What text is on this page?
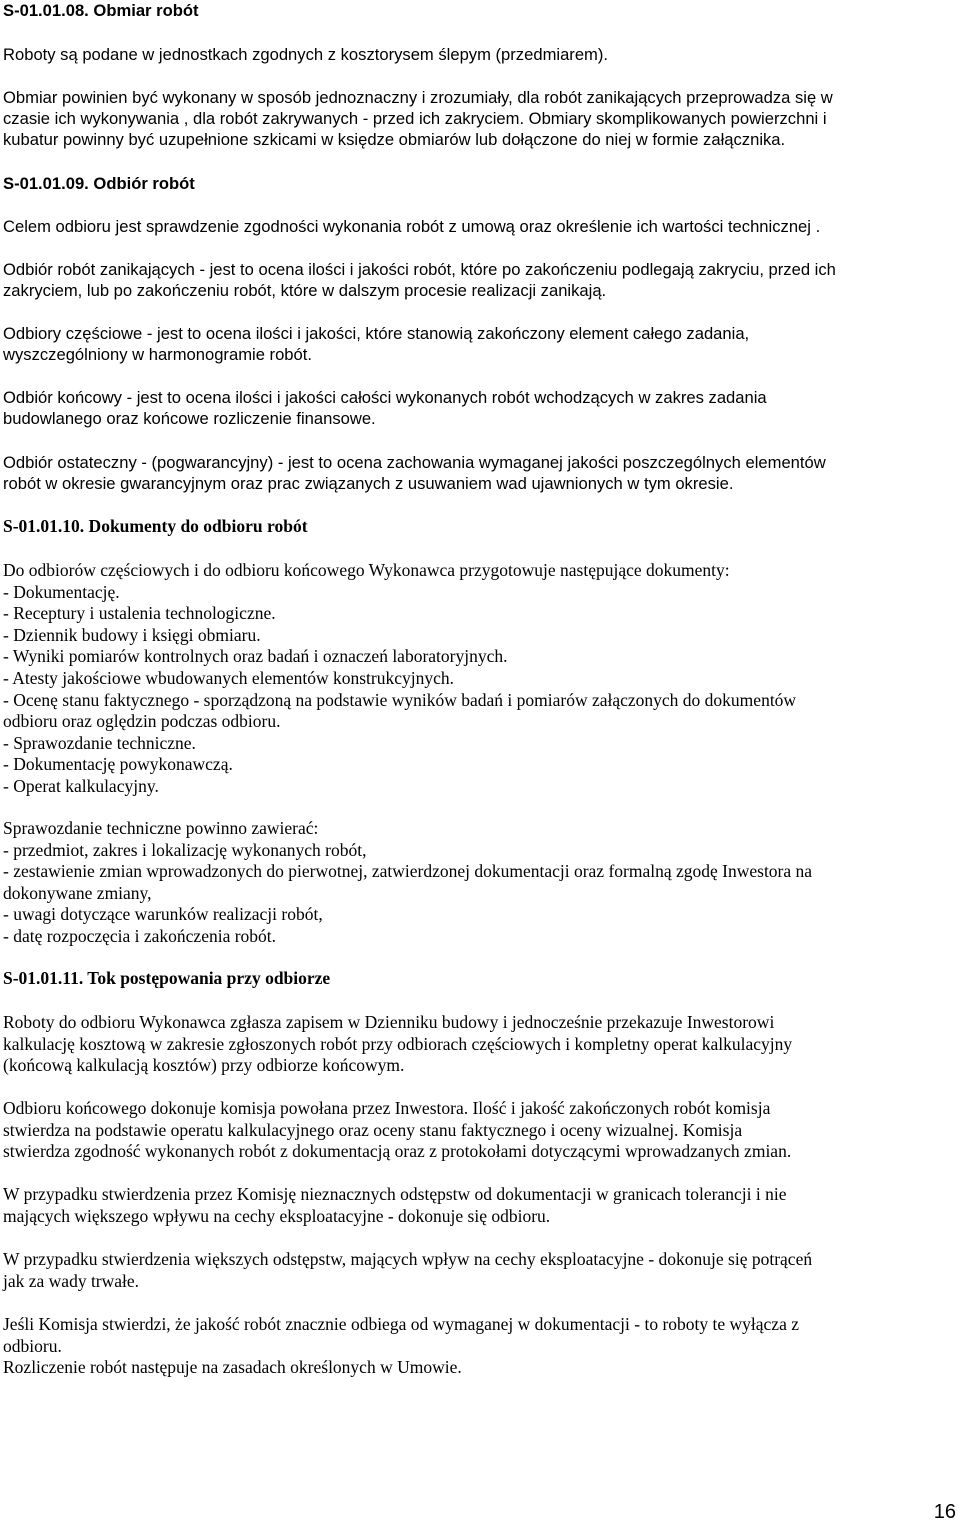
S-01.01.08. Obmiar robót
Roboty są podane w jednostkach zgodnych z kosztorysem ślepym (przedmiarem).
Obmiar powinien być wykonany w sposób jednoznaczny i zrozumiały, dla robót zanikających przeprowadza się w
czasie ich wykonywania , dla robót zakrywanych - przed ich zakryciem. Obmiary skomplikowanych powierzchni i
kubatur powinny być uzupełnione szkicami w księdze obmiarów lub dołączone do niej w formie załącznika.
S-01.01.09. Odbiór robót
Celem odbioru jest sprawdzenie zgodności wykonania robót z umową oraz określenie ich wartości technicznej .
Odbiór robót zanikających - jest to ocena ilości i jakości robót, które po zakończeniu podlegają zakryciu, przed ich
zakryciem, lub po zakończeniu robót, które w dalszym procesie realizacji zanikają.
Odbiory częściowe - jest to ocena ilości i jakości, które stanowią zakończony element całego zadania,
wyszczególniony w harmonogramie robót.
Odbiór końcowy - jest to ocena ilości i jakości całości wykonanych robót wchodzących w zakres zadania
budowlanego oraz końcowe rozliczenie finansowe.
Odbiór ostateczny - (pogwarancyjny) - jest to ocena zachowania wymaganej jakości poszczególnych elementów
robót w okresie gwarancyjnym oraz prac związanych z usuwaniem wad ujawnionych w tym okresie.
S-01.01.10. Dokumenty do odbioru robót
Do odbiorów częściowych i do odbioru końcowego Wykonawca przygotowuje następujące dokumenty:
- Dokumentację.
- Receptury i ustalenia technologiczne.
- Dziennik budowy i księgi obmiaru.
- Wyniki pomiarów kontrolnych oraz badań i oznaczeń laboratoryjnych.
- Atesty jakościowe wbudowanych elementów konstrukcyjnych.
- Ocenę stanu faktycznego - sporządzoną na podstawie wyników badań i pomiarów załączonych do dokumentów
odbioru oraz oględzin podczas odbioru.
- Sprawozdanie techniczne.
- Dokumentację powykonawczą.
- Operat kalkulacyjny.
Sprawozdanie techniczne powinno zawierać:
- przedmiot, zakres i lokalizację wykonanych robót,
- zestawienie zmian wprowadzonych do pierwotnej, zatwierdzonej dokumentacji oraz formalną zgodę Inwestora na
dokonywane zmiany,
- uwagi dotyczące warunków realizacji robót,
- datę rozpoczęcia i zakończenia robót.
S-01.01.11. Tok postępowania przy odbiorze
Roboty do odbioru Wykonawca zgłasza zapisem w Dzienniku budowy i jednocześnie przekazuje Inwestorowi
kalkulację kosztową w zakresie zgłoszonych robót przy odbiorach częściowych i kompletny operat kalkulacyjny
(końcową kalkulacją kosztów) przy odbiorze końcowym.
Odbioru końcowego dokonuje komisja powołana przez Inwestora. Ilość i jakość zakończonych robót komisja
stwierdza na podstawie operatu kalkulacyjnego oraz oceny stanu faktycznego i oceny wizualnej. Komisja
stwierdza zgodność wykonanych robót z dokumentacją oraz z protokołami dotyczącymi wprowadzanych zmian.
W przypadku stwierdzenia przez Komisję nieznacznych odstępstw od dokumentacji w granicach tolerancji i nie
mających większego wpływu na cechy eksploatacyjne - dokonuje się odbioru.
W przypadku stwierdzenia większych odstępstw, mających wpływ na cechy eksploatacyjne - dokonuje się potrąceń
jak za wady trwałe.
Jeśli Komisja stwierdzi, że jakość robót znacznie odbiega od wymaganej w dokumentacji - to roboty te wyłącza z
odbioru.
Rozliczenie robót następuje na zasadach określonych w Umowie.
16
